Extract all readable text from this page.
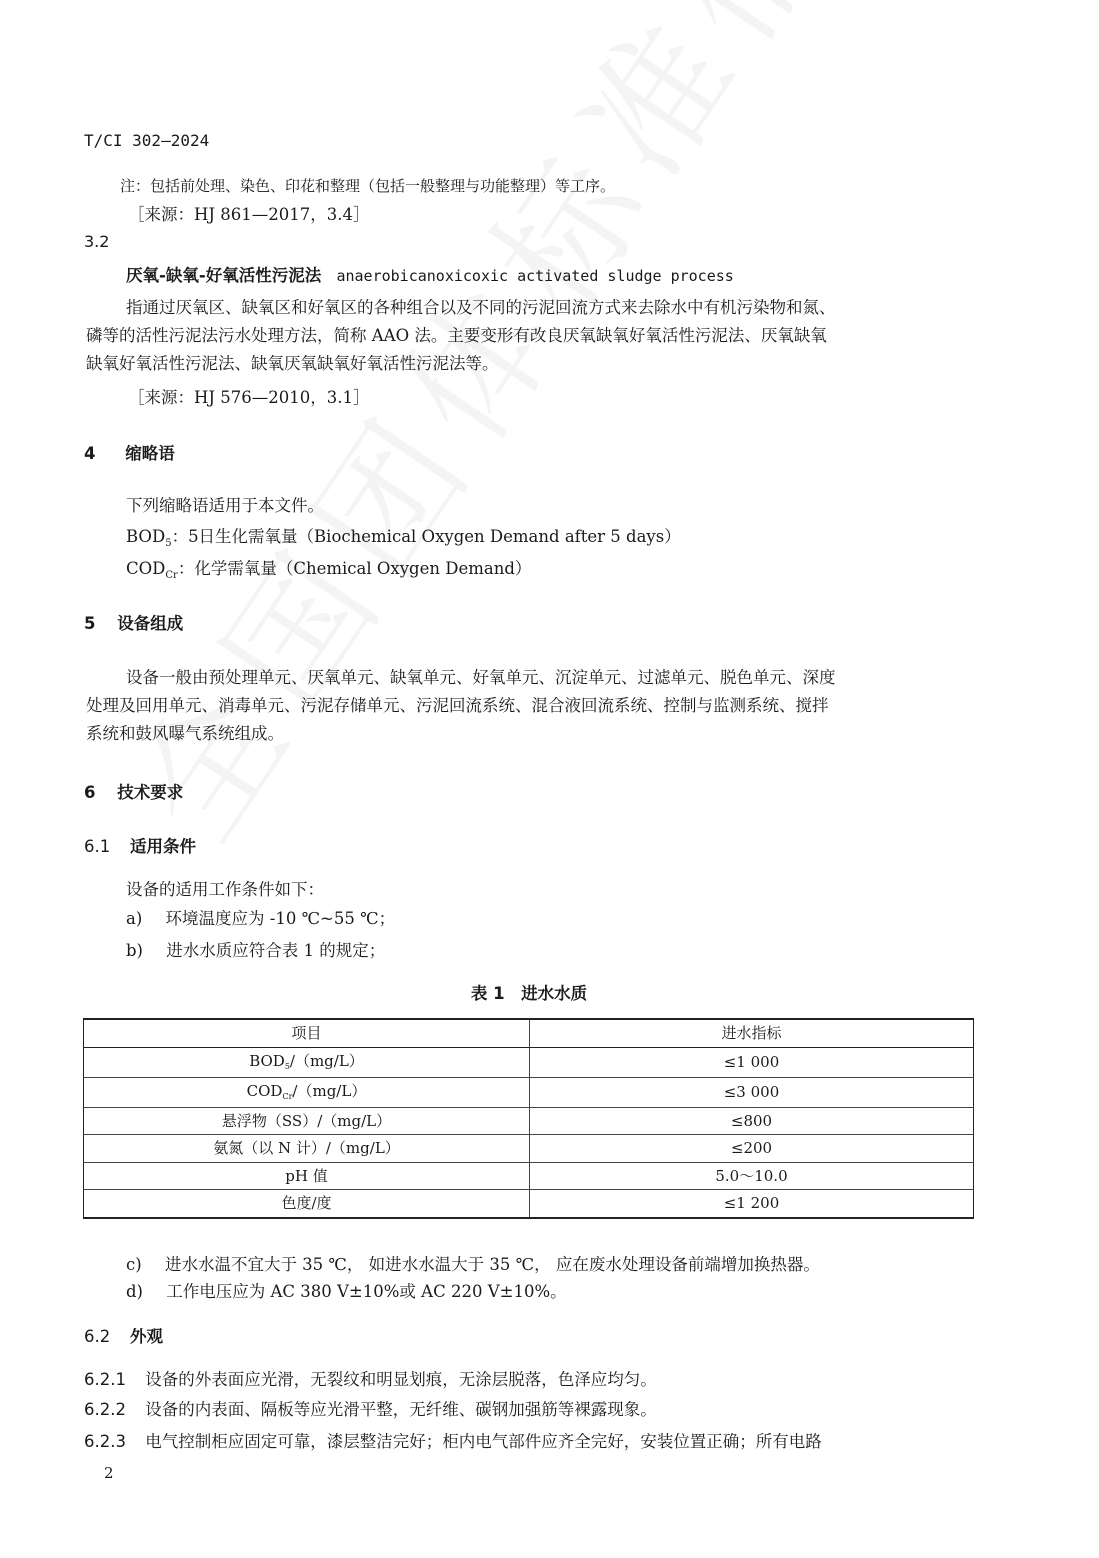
T/CI 302—2024
注：包括前处理、染色、印花和整理（包括一般整理与功能整理）等工序。
［来源：HJ 861—2017，3.4］
3.2
厌氧-缺氧-好氧活性污泥法 anaerobicanoxicoxic activated sludge process
指通过厌氧区、缺氧区和好氧区的各种组合以及不同的污泥回流方式来去除水中有机污染物和氮、
磷等的活性污泥法污水处理方法，简称 AAO 法。主要变形有改良厌氧缺氧好氧活性污泥法、厌氧缺氧
缺氧好氧活性污泥法、缺氧厌氧缺氧好氧活性污泥法等。
［来源：HJ 576—2010，3.1］
4 缩略语
下列缩略语适用于本文件。
$BOD_5$：5日生化需氧量（Biochemical Oxygen Demand after 5 days）
$COD_{Cr}$：化学需氧量（Chemical Oxygen Demand）
5 设备组成
设备一般由预处理单元、厌氧单元、缺氧单元、好氧单元、沉淀单元、过滤单元、脱色单元、深度
处理及回用单元、消毒单元、污泥存储单元、污泥回流系统、混合液回流系统、控制与监测系统、搅拌
系统和鼓风曝气系统组成。
6 技术要求
6.1 适用条件
设备的适用工作条件如下：
a) 环境温度应为 -10 ℃~55 ℃；
b) 进水水质应符合表 1 的规定；
表 1　进水水质
项目	进水指标
$BOD_5/(mg/L)$	≤1 000
$COD_{Cr}/(mg/L)$	≤3 000
悬浮物（SS）/（mg/L）	≤800
氨氮（以 N 计）/（mg/L）	≤200
pH 值	5.0～10.0
色度/度	≤1 200
c) 进水水温不宜大于 35 ℃， 如进水水温大于 35 ℃， 应在废水处理设备前端增加换热器。
d) 工作电压应为 AC 380 V±10%或 AC 220 V±10%。
6.2 外观
6.2.1 设备的外表面应光滑，无裂纹和明显划痕，无涂层脱落，色泽应均匀。
6.2.2 设备的内表面、隔板等应光滑平整，无纤维、碳钢加强筋等裸露现象。
6.2.3 电气控制柜应固定可靠，漆层整洁完好；柜内电气部件应齐全完好，安装位置正确；所有电路
2
